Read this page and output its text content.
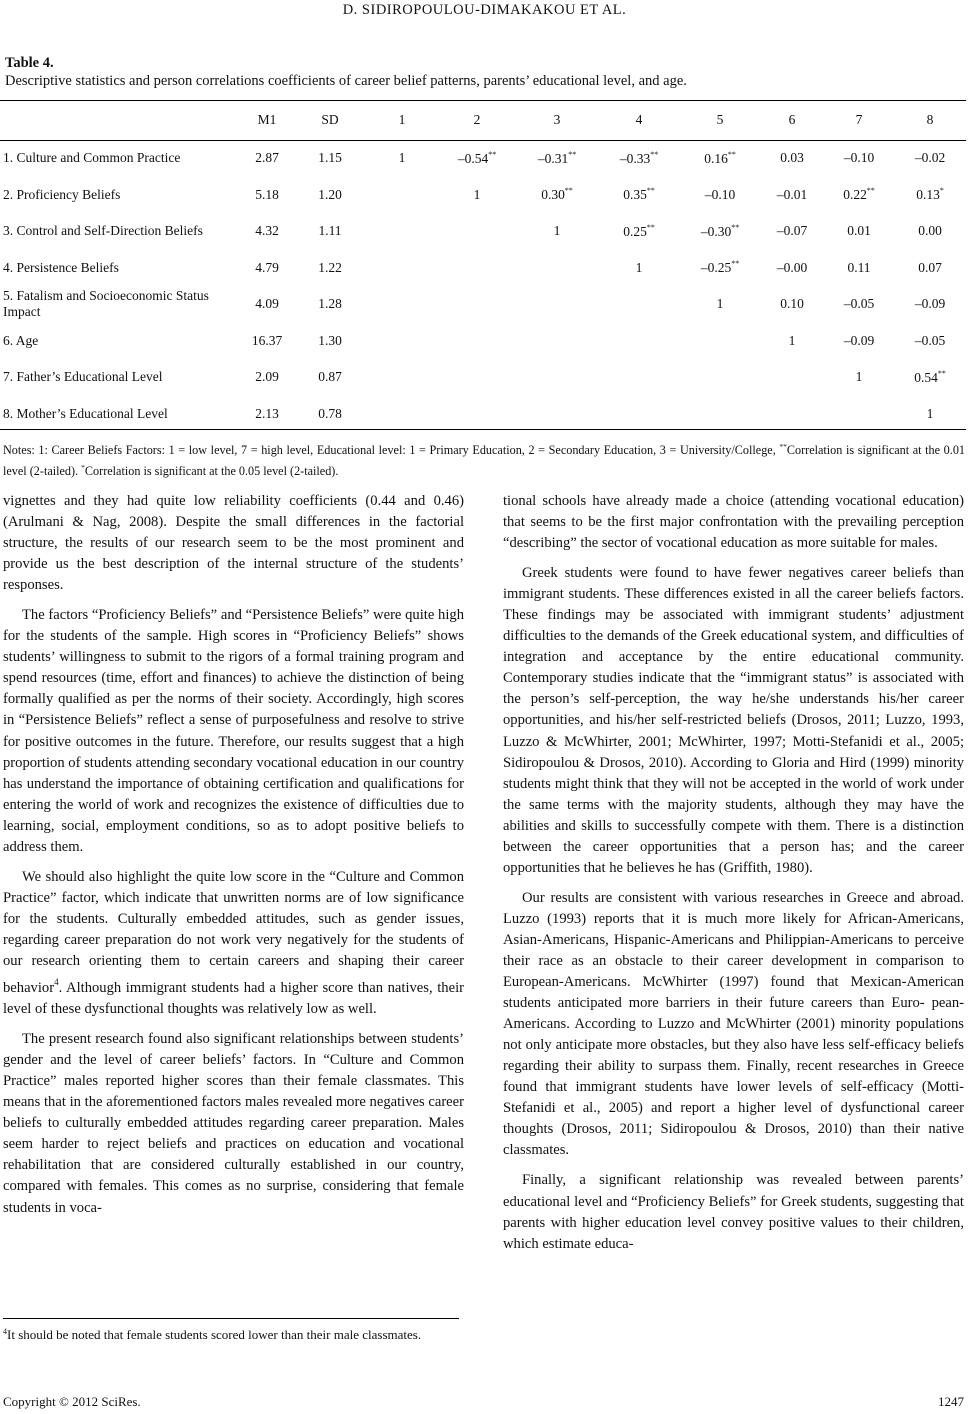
D. SIDIROPOULOU-DIMAKAKOU ET AL.
Table 4.
Descriptive statistics and person correlations coefficients of career belief patterns, parents’ educational level, and age.
	M1	SD	1	2	3	4	5	6	7	8
1. Culture and Common Practice	2.87	1.15	1	–0.54**	–0.31**	–0.33**	0.16**	0.03	–0.10	–0.02
2. Proficiency Beliefs	5.18	1.20		1	0.30**	0.35**	–0.10	–0.01	0.22**	0.13*
3. Control and Self-Direction Beliefs	4.32	1.11			1	0.25**	–0.30**	–0.07	0.01	0.00
4. Persistence Beliefs	4.79	1.22				1	–0.25**	–0.00	0.11	0.07
5. Fatalism and Socioeconomic Status Impact	4.09	1.28					1	0.10	–0.05	–0.09
6. Age	16.37	1.30						1	–0.09	–0.05
7. Father’s Educational Level	2.09	0.87							1	0.54**
8. Mother’s Educational Level	2.13	0.78								1
Notes: 1: Career Beliefs Factors: 1 = low level, 7 = high level, Educational level: 1 = Primary Education, 2 = Secondary Education, 3 = University/College, **Correlation is significant at the 0.01 level (2-tailed). *Correlation is significant at the 0.05 level (2-tailed).

vignettes and they had quite low reliability coefficients (0.44 and 0.46) (Arulmani & Nag, 2008). Despite the small differences in the factorial structure, the results of our research seem to be the most prominent and provide us the best description of the internal structure of the students’ responses.

The factors “Proficiency Beliefs” and “Persistence Beliefs” were quite high for the students of the sample. High scores in “Proficiency Beliefs” shows students’ willingness to submit to the rigors of a formal training program and spend resources (time, effort and finances) to achieve the distinction of being formally qualified as per the norms of their society. Accordingly, high scores in “Persistence Beliefs” reflect a sense of purposefulness and resolve to strive for positive outcomes in the future. Therefore, our results suggest that a high proportion of students attending secondary vocational education in our country has understand the importance of obtaining certification and qualifications for entering the world of work and recognizes the existence of difficulties due to learning, social, employment conditions, so as to adopt positive beliefs to address them.

We should also highlight the quite low score in the “Culture and Common Practice” factor, which indicate that unwritten norms are of low significance for the students. Culturally embedded attitudes, such as gender issues, regarding career preparation do not work very negatively for the students of our research orienting them to certain careers and shaping their career behavior$^4$. Although immigrant students had a higher score than natives, their level of these dysfunctional thoughts was relatively low as well.

The present research found also significant relationships between students’ gender and the level of career beliefs’ factors. In “Culture and Common Practice” males reported higher scores than their female classmates. This means that in the aforementioned factors males revealed more negatives career beliefs to culturally embedded attitudes regarding career preparation. Males seem harder to reject beliefs and practices on education and vocational rehabilitation that are considered culturally established in our country, compared with females. This comes as no surprise, considering that female students in voca-

tional schools have already made a choice (attending vocational education) that seems to be the first major confrontation with the prevailing perception “describing” the sector of vocational education as more suitable for males.

Greek students were found to have fewer negatives career beliefs than immigrant students. These differences existed in all the career beliefs factors. These findings may be associated with immigrant students’ adjustment difficulties to the demands of the Greek educational system, and difficulties of integration and acceptance by the entire educational community. Contemporary studies indicate that the “immigrant status” is associated with the person’s self-perception, the way he/she understands his/her career opportunities, and his/her self-restricted beliefs (Drosos, 2011; Luzzo, 1993, Luzzo & McWhirter, 2001; McWhirter, 1997; Motti-Stefanidi et al., 2005; Sidiropoulou & Drosos, 2010). According to Gloria and Hird (1999) minority students might think that they will not be accepted in the world of work under the same terms with the majority students, although they may have the abilities and skills to successfully compete with them. There is a distinction between the career opportunities that a person has; and the career opportunities that he believes he has (Griffith, 1980).

Our results are consistent with various researches in Greece and abroad. Luzzo (1993) reports that it is much more likely for African-Americans, Asian-Americans, Hispanic-Americans and Philippian-Americans to perceive their race as an obstacle to their career development in comparison to European-Americans. McWhirter (1997) found that Mexican-American students anticipated more barriers in their future careers than Euro- pean-Americans. According to Luzzo and McWhirter (2001) minority populations not only anticipate more obstacles, but they also have less self-efficacy beliefs regarding their ability to surpass them. Finally, recent researches in Greece found that immigrant students have lower levels of self-efficacy (Motti-Stefanidi et al., 2005) and report a higher level of dysfunctional career thoughts (Drosos, 2011; Sidiropoulou & Drosos, 2010) than their native classmates.

Finally, a significant relationship was revealed between parents’ educational level and “Proficiency Beliefs” for Greek students, suggesting that parents with higher education level convey positive values to their children, which estimate educa-

$^4$It should be noted that female students scored lower than their male classmates.
Copyright © 2012 SciRes.	1247
